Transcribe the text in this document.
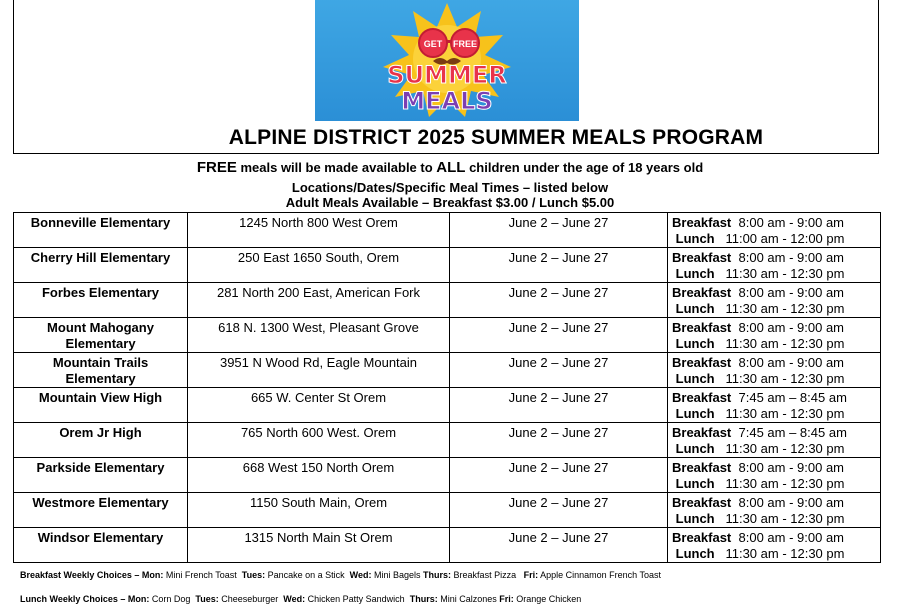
GET FREE
SUMMER
MEALS
ALPINE DISTRICT 2025 SUMMER MEALS PROGRAM
FREE meals will be made available to ALL children under the age of 18 years old
Locations/Dates/Specific Meal Times – listed below
Adult Meals Available – Breakfast $3.00 / Lunch $5.00
Bonneville Elementary	1245 North 800 West Orem	June 2 – June 27	Breakfast 8:00 am - 9:00 am
Lunch 11:00 am - 12:00 pm

Cherry Hill Elementary	250 East 1650 South, Orem	June 2 – June 27	Breakfast 8:00 am - 9:00 am
Lunch 11:30 am - 12:30 pm

Forbes Elementary	281 North 200 East, American Fork	June 2 – June 27	Breakfast 8:00 am - 9:00 am
Lunch 11:30 am - 12:30 pm

Mount Mahogany Elementary	618 N. 1300 West, Pleasant Grove	June 2 – June 27	Breakfast 8:00 am - 9:00 am
Lunch 11:30 am - 12:30 pm

Mountain Trails Elementary	3951 N Wood Rd, Eagle Mountain	June 2 – June 27	Breakfast 8:00 am - 9:00 am
Lunch 11:30 am - 12:30 pm

Mountain View High	665 W. Center St Orem	June 2 – June 27	Breakfast 7:45 am – 8:45 am
Lunch 11:30 am - 12:30 pm

Orem Jr High	765 North 600 West. Orem	June 2 – June 27	Breakfast 7:45 am – 8:45 am
Lunch 11:30 am - 12:30 pm

Parkside Elementary	668 West 150 North Orem	June 2 – June 27	Breakfast 8:00 am - 9:00 am
Lunch 11:30 am - 12:30 pm

Westmore Elementary	1150 South Main, Orem	June 2 – June 27	Breakfast 8:00 am - 9:00 am
Lunch 11:30 am - 12:30 pm

Windsor Elementary	1315 North Main St Orem	June 2 – June 27	Breakfast 8:00 am - 9:00 am
Lunch 11:30 am - 12:30 pm
Breakfast Weekly Choices – Mon: Mini French Toast  Tues: Pancake on a Stick  Wed: Mini Bagels Thurs: Breakfast Pizza   Fri: Apple Cinnamon French Toast
Lunch Weekly Choices – Mon: Corn Dog  Tues: Cheeseburger  Wed: Chicken Patty Sandwich  Thurs: Mini Calzones Fri: Orange Chicken
